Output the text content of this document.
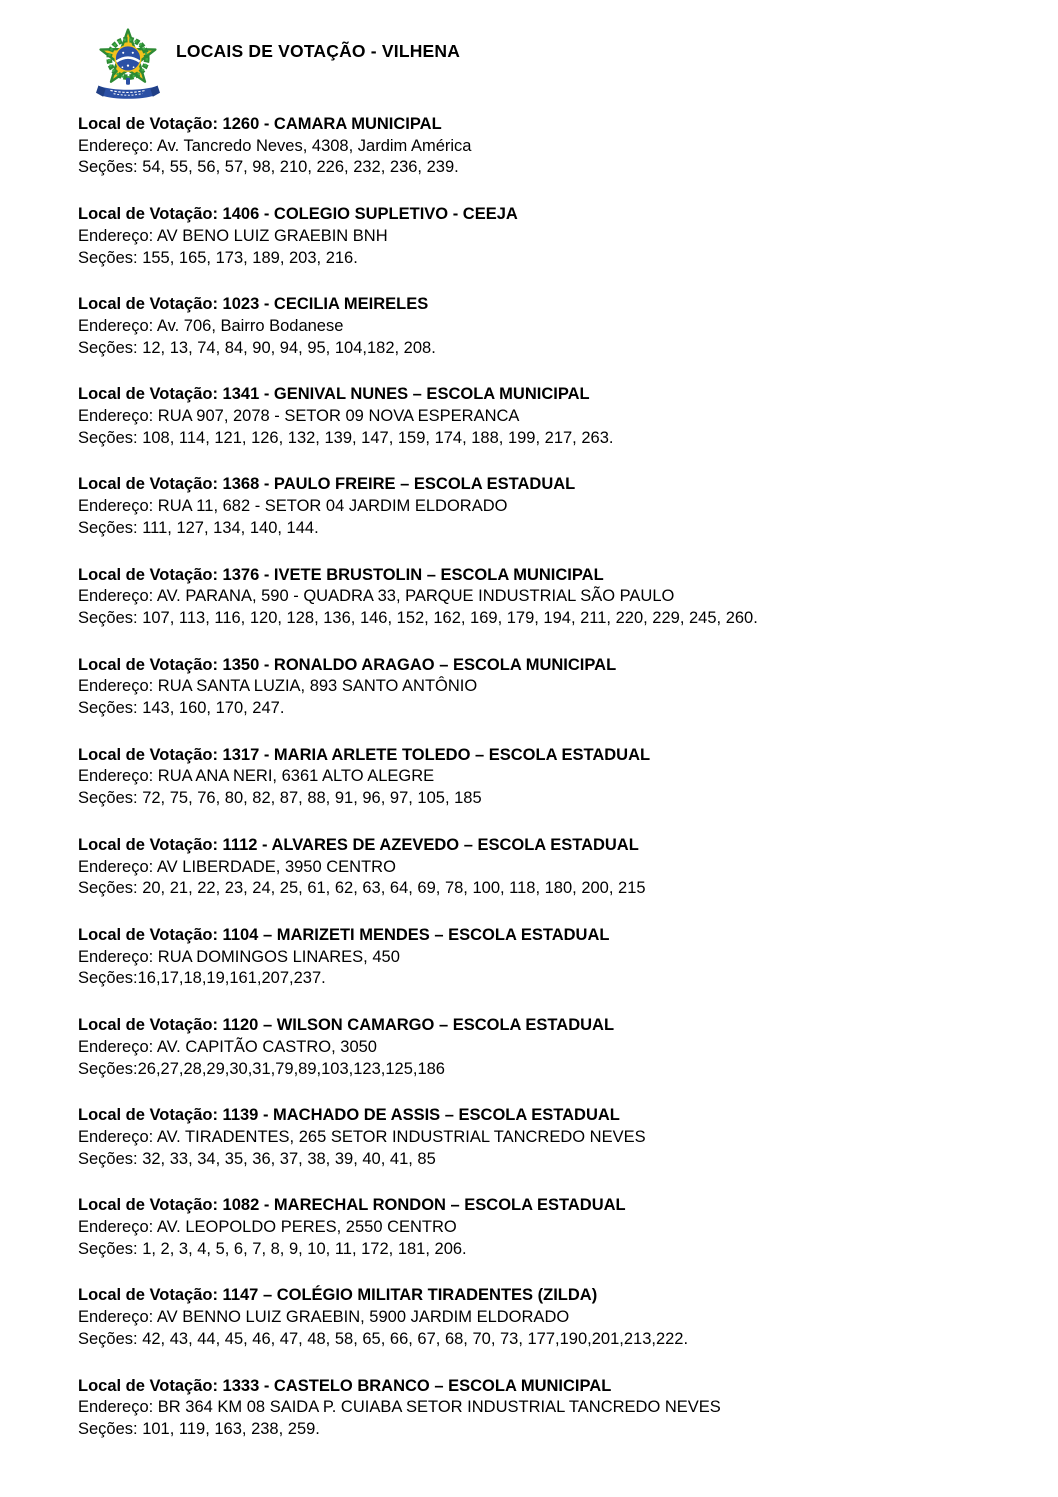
LOCAIS DE VOTAÇÃO - VILHENA
Local de Votação: 1260 - CAMARA MUNICIPAL
Endereço: Av. Tancredo Neves, 4308, Jardim América
Seções: 54, 55, 56, 57, 98, 210, 226, 232, 236, 239.
Local de Votação: 1406 - COLEGIO SUPLETIVO - CEEJA
Endereço: AV BENO LUIZ GRAEBIN BNH
Seções: 155, 165, 173, 189, 203, 216.
Local de Votação: 1023 - CECILIA MEIRELES
Endereço: Av. 706, Bairro Bodanese
Seções: 12, 13, 74, 84, 90, 94, 95, 104,182, 208.
Local de Votação: 1341 - GENIVAL NUNES – ESCOLA MUNICIPAL
Endereço: RUA 907, 2078 - SETOR 09 NOVA ESPERANCA
Seções: 108, 114, 121, 126, 132, 139, 147, 159, 174, 188, 199, 217, 263.
Local de Votação: 1368 - PAULO FREIRE – ESCOLA ESTADUAL
Endereço: RUA 11, 682 - SETOR 04 JARDIM ELDORADO
Seções: 111, 127, 134, 140, 144.
Local de Votação: 1376 - IVETE BRUSTOLIN – ESCOLA MUNICIPAL
Endereço: AV. PARANA, 590 - QUADRA 33, PARQUE INDUSTRIAL SÃO PAULO
Seções: 107, 113, 116, 120, 128, 136, 146, 152, 162, 169, 179, 194, 211, 220, 229, 245, 260.
Local de Votação: 1350 - RONALDO ARAGAO – ESCOLA MUNICIPAL
Endereço: RUA SANTA LUZIA, 893 SANTO ANTÔNIO
Seções: 143, 160, 170, 247.
Local de Votação: 1317 - MARIA ARLETE TOLEDO – ESCOLA ESTADUAL
Endereço: RUA ANA NERI, 6361 ALTO ALEGRE
Seções: 72, 75, 76, 80, 82, 87, 88, 91, 96, 97, 105, 185
Local de Votação: 1112 - ALVARES DE AZEVEDO – ESCOLA ESTADUAL
Endereço: AV LIBERDADE, 3950 CENTRO
Seções: 20, 21, 22, 23, 24, 25, 61, 62, 63, 64, 69, 78, 100, 118, 180, 200, 215
Local de Votação: 1104 – MARIZETI MENDES – ESCOLA ESTADUAL
Endereço: RUA DOMINGOS LINARES, 450
Seções:16,17,18,19,161,207,237.
Local de Votação: 1120 – WILSON CAMARGO – ESCOLA ESTADUAL
Endereço: AV. CAPITÃO CASTRO, 3050
Seções:26,27,28,29,30,31,79,89,103,123,125,186
Local de Votação: 1139 - MACHADO DE ASSIS – ESCOLA ESTADUAL
Endereço: AV. TIRADENTES, 265 SETOR INDUSTRIAL TANCREDO NEVES
Seções: 32, 33, 34, 35, 36, 37, 38, 39, 40, 41, 85
Local de Votação: 1082 - MARECHAL RONDON – ESCOLA ESTADUAL
Endereço: AV. LEOPOLDO PERES, 2550 CENTRO
Seções: 1, 2, 3, 4, 5, 6, 7, 8, 9, 10, 11, 172, 181, 206.
Local de Votação: 1147 – COLÉGIO MILITAR TIRADENTES (ZILDA)
Endereço: AV BENNO LUIZ GRAEBIN, 5900 JARDIM ELDORADO
Seções: 42, 43, 44, 45, 46, 47, 48, 58, 65, 66, 67, 68, 70, 73, 177,190,201,213,222.
Local de Votação: 1333 - CASTELO BRANCO – ESCOLA MUNICIPAL
Endereço: BR 364 KM 08 SAIDA P. CUIABA SETOR INDUSTRIAL TANCREDO NEVES
Seções: 101, 119, 163, 238, 259.
